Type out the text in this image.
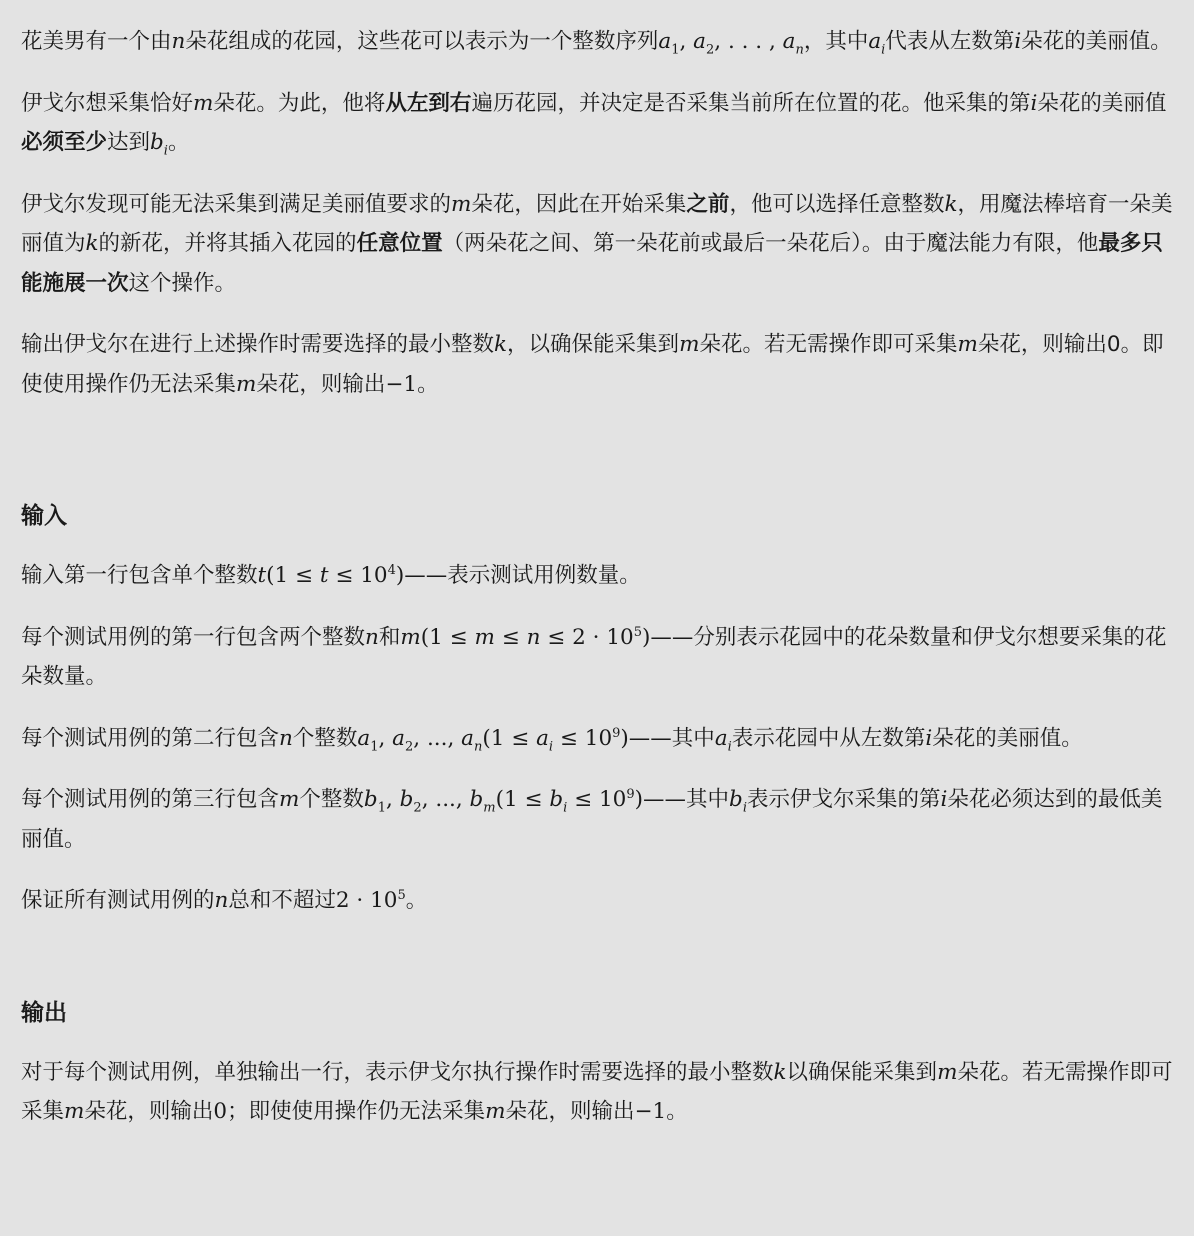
花美男有一个由n朵花组成的花园，这些花可以表示为一个整数序列$a_1$, $a_2$, . . . , $a_n$，其中$a_i$代表从左数第i朵花的美丽值。

伊戈尔想采集恰好m朵花。为此，他将从左到右遍历花园，并决定是否采集当前所在位置的花。他采集的第i朵花的美丽值必须至少达到$b_i$。

伊戈尔发现可能无法采集到满足美丽值要求的m朵花，因此在开始采集之前，他可以选择任意整数k，用魔法棒培育一朵美丽值为k的新花，并将其插入花园的任意位置（两朵花之间、第一朵花前或最后一朵花后）。由于魔法能力有限，他最多只能施展一次这个操作。

输出伊戈尔在进行上述操作时需要选择的最小整数k，以确保能采集到m朵花。若无需操作即可采集m朵花，则输出0。即使使用操作仍无法采集m朵花，则输出−1。

输入

输入第一行包含单个整数$t(1 \le t \le 10^4)——$表示测试用例数量。

每个测试用例的第一行包含两个整数n和$m(1 \le m \le n \le 2 \cdot 10^5)——$分别表示花园中的花朵数量和伊戈尔想要采集的花朵数量。

每个测试用例的第二行包含n个整数$a_1$, $a_2$, ..., $a_n(1 \le a_i$ ≤ $10^9)——$其中$a_i$表示花园中从左数第i朵花的美丽值。

每个测试用例的第三行包含m个整数$b_1$, $b_2$, ..., $b_m(1 \le b_i$ ≤ $10^9)——$其中$b_i$表示伊戈尔采集的第i朵花必须达到的最低美丽值。

保证所有测试用例的n总和不超过$2 \cdot 10^5$。

输出

对于每个测试用例，单独输出一行，表示伊戈尔执行操作时需要选择的最小整数k以确保能采集到m朵花。若无需操作即可采集m朵花，则输出0；即使使用操作仍无法采集m朵花，则输出−1。
